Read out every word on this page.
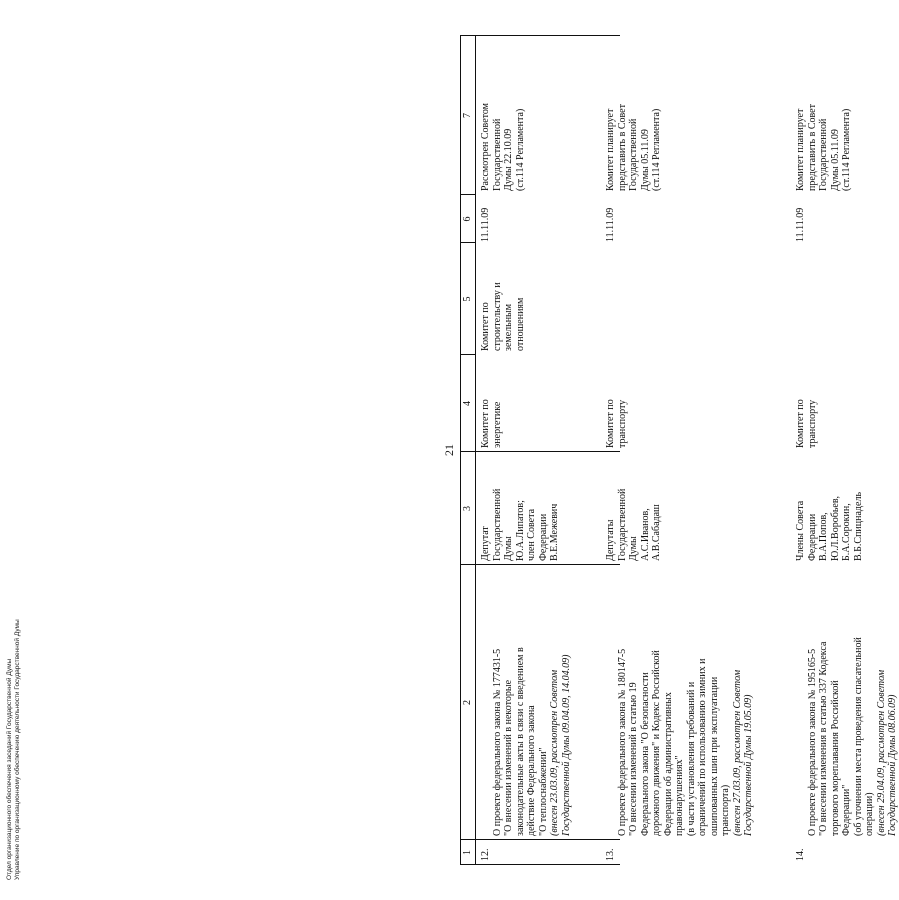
21
1
2
3
4
5
6
7
12.

О проекте федерального закона № 177431-5
"О внесении изменений в некоторые
законодательные акты в связи с введением в
действие Федерального закона
"О теплоснабжении"
(внесен 23.03.09, рассмотрен Советом
Государственной Думы 09.04.09, 14.04.09)

Депутат
Государственной
Думы
Ю.А.Липатов;
член Совета
Федерации
В.Е.Межевич
Комитет по
энергетике
Комитет по
строительству и
земельным
отношениям
11.11.09
Рассмотрен Советом
Государственной
Думы 22.10.09
(ст.114 Регламента)
13.

О проекте федерального закона № 180147-5
"О внесении изменений в статью 19
Федерального закона "О безопасности
дорожного движения" и Кодекс Российской
Федерации об административных
правонарушениях"
(в части установления требований и
ограничений по использованию зимних и
ошипованных шин при эксплуатации
транспорта)
(внесен 27.03.09, рассмотрен Советом
Государственной Думы 19.05.09)

Депутаты
Государственной
Думы
А.С.Иванов,
А.В.Сабадаш
Комитет по
транспорту
11.11.09
Комитет планирует
представить в Совет
Государственной
Думы 05.11.09
(ст.114 Регламента)
14.

О проекте федерального закона № 195165-5
"О внесении изменения в статью 337 Кодекса
торгового мореплавания Российской
Федерации"
(об уточнении места проведения спасательной
операции)
(внесен 29.04.09, рассмотрен Советом
Государственной Думы 08.06.09)

Члены Совета
Федерации
В.А.Попов,
Ю.Л.Воробьев,
Б.А.Сорокин,
В.Б.Спицнадель
Комитет по
транспорту
11.11.09
Комитет планирует
представить в Совет
Государственной
Думы 05.11.09
(ст.114 Регламента)
Отдел организационного обеспечения заседаний Государственной Думы Управление по организационному обеспечению деятельности Государственной Думы
